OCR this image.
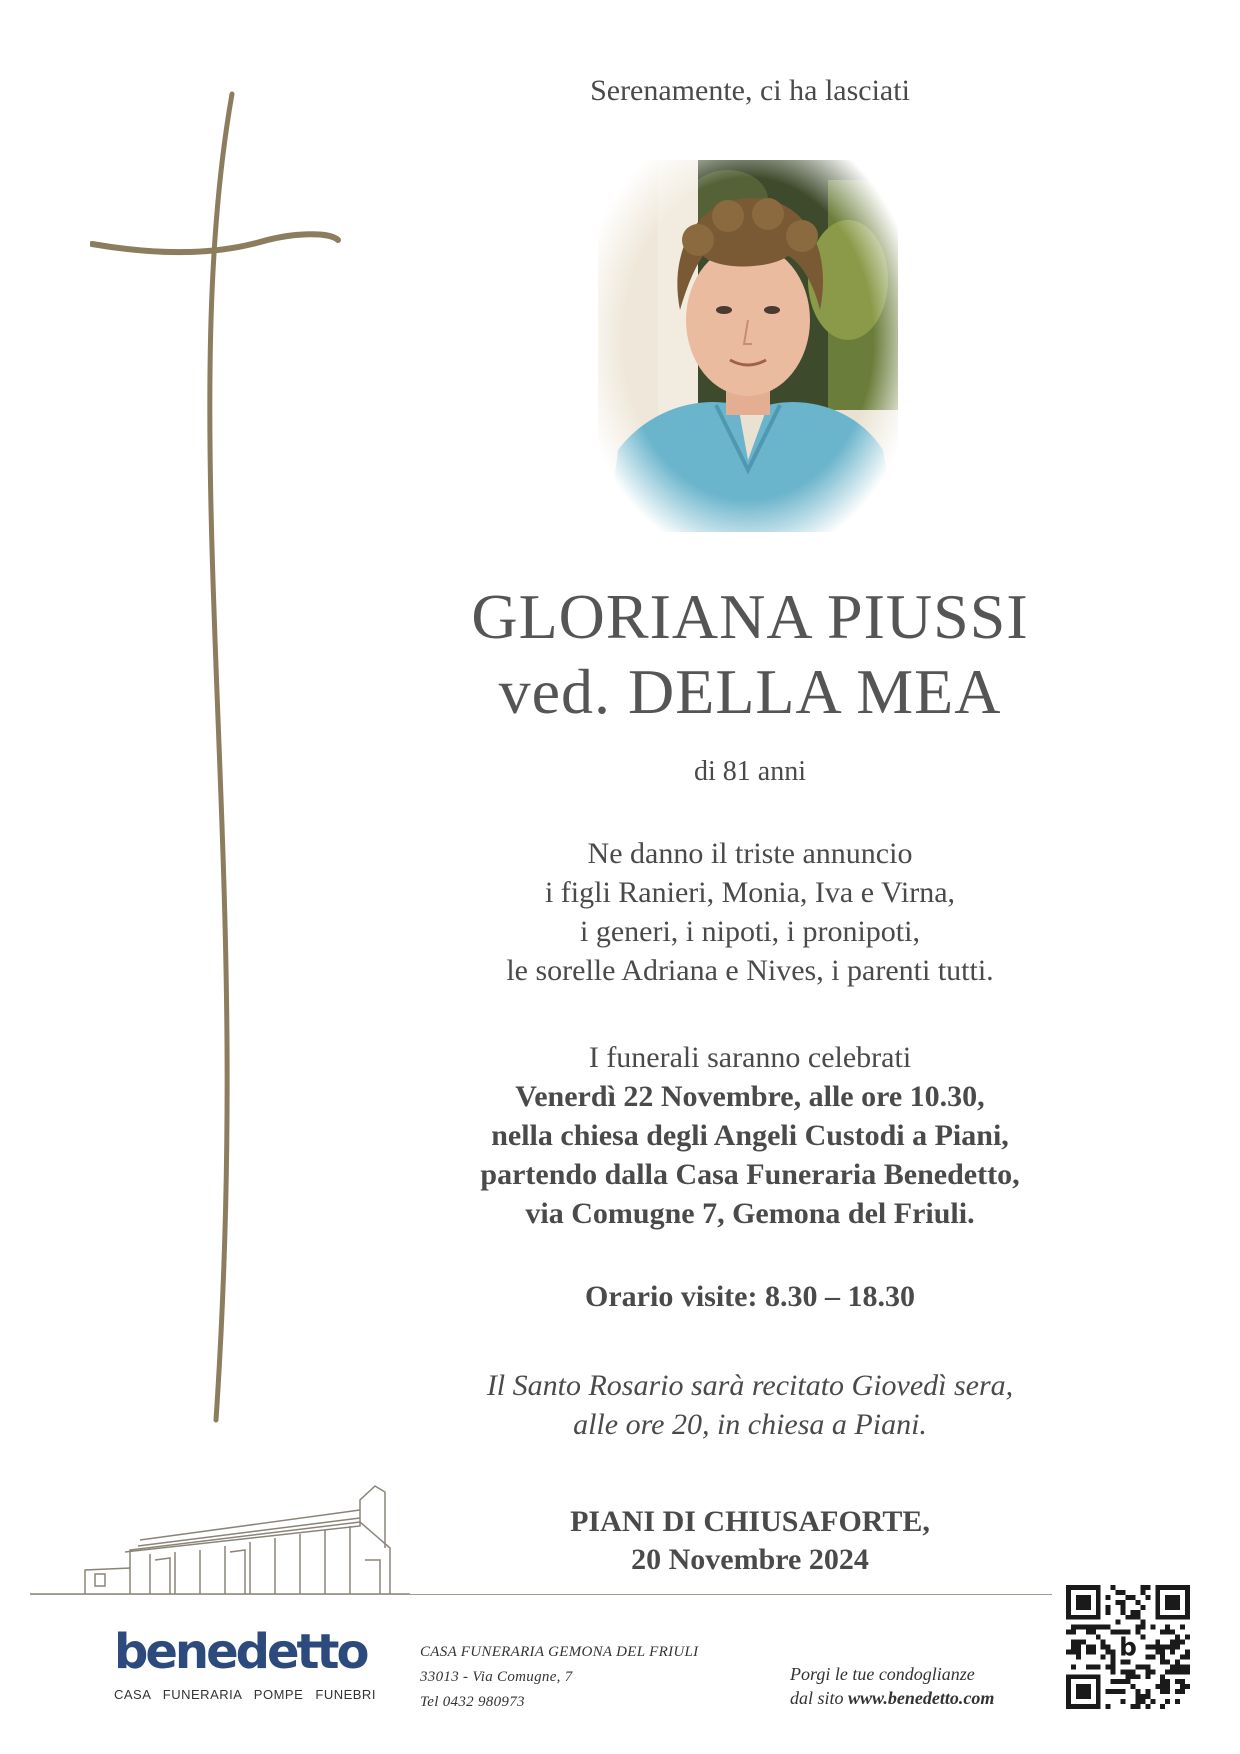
Serenamente, ci ha lasciati
GLORIANA PIUSSI
ved. DELLA MEA
di 81 anni
Ne danno il triste annuncio
i figli Ranieri, Monia, Iva e Virna,
i generi, i nipoti, i pronipoti,
le sorelle Adriana e Nives, i parenti tutti.
I funerali saranno celebrati
Venerdì 22 Novembre, alle ore 10.30,
nella chiesa degli Angeli Custodi a Piani,
partendo dalla Casa Funeraria Benedetto,
via Comugne 7, Gemona del Friuli.
Orario visite: 8.30 – 18.30
Il Santo Rosario sarà recitato Giovedì sera,
alle ore 20, in chiesa a Piani.
PIANI DI CHIUSAFORTE,
20 Novembre 2024
benedetto
CASA FUNERARIA POMPE FUNEBRI
CASA FUNERARIA GEMONA DEL FRIULI
33013 - Via Comugne, 7
Tel 0432 980973
Porgi le tue condoglianze
dal sito www.benedetto.com
b
